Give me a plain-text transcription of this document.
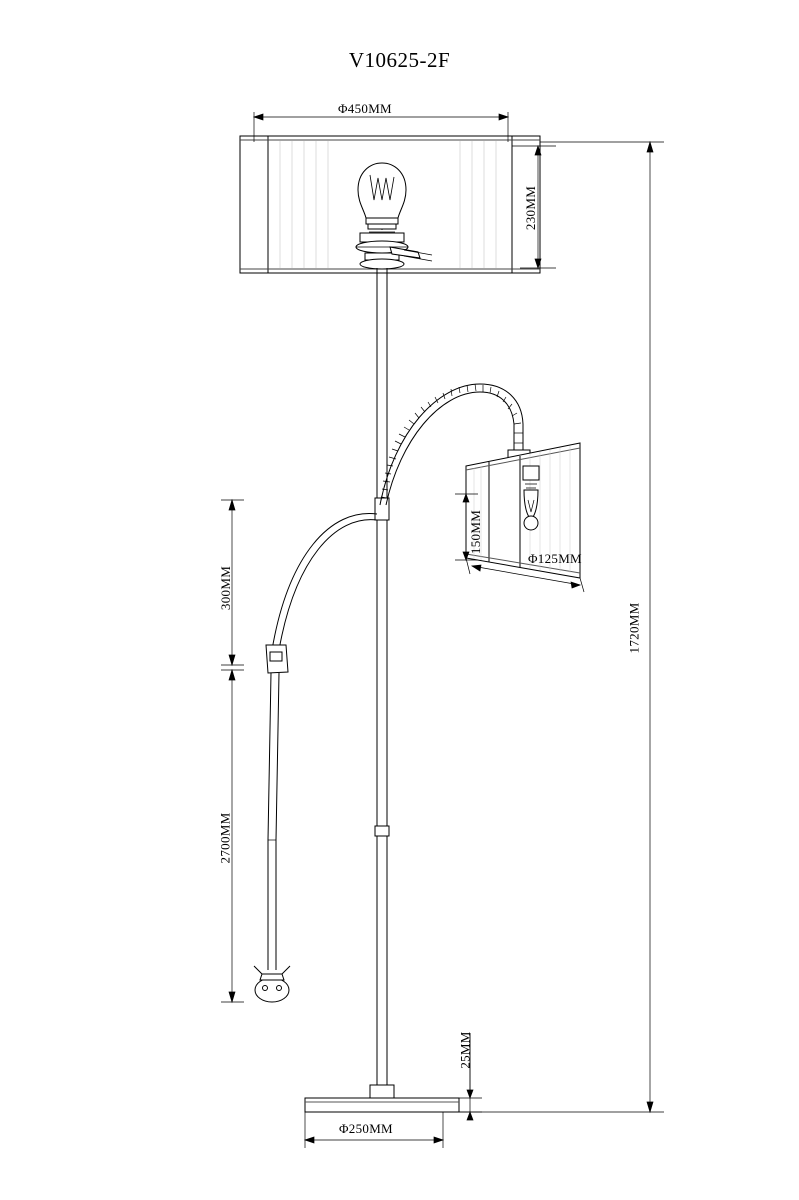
V10625-2F
Φ450MM
230MM
1720MM
150MM
Φ125MM
300MM
2700MM
25MM
Φ250MM
